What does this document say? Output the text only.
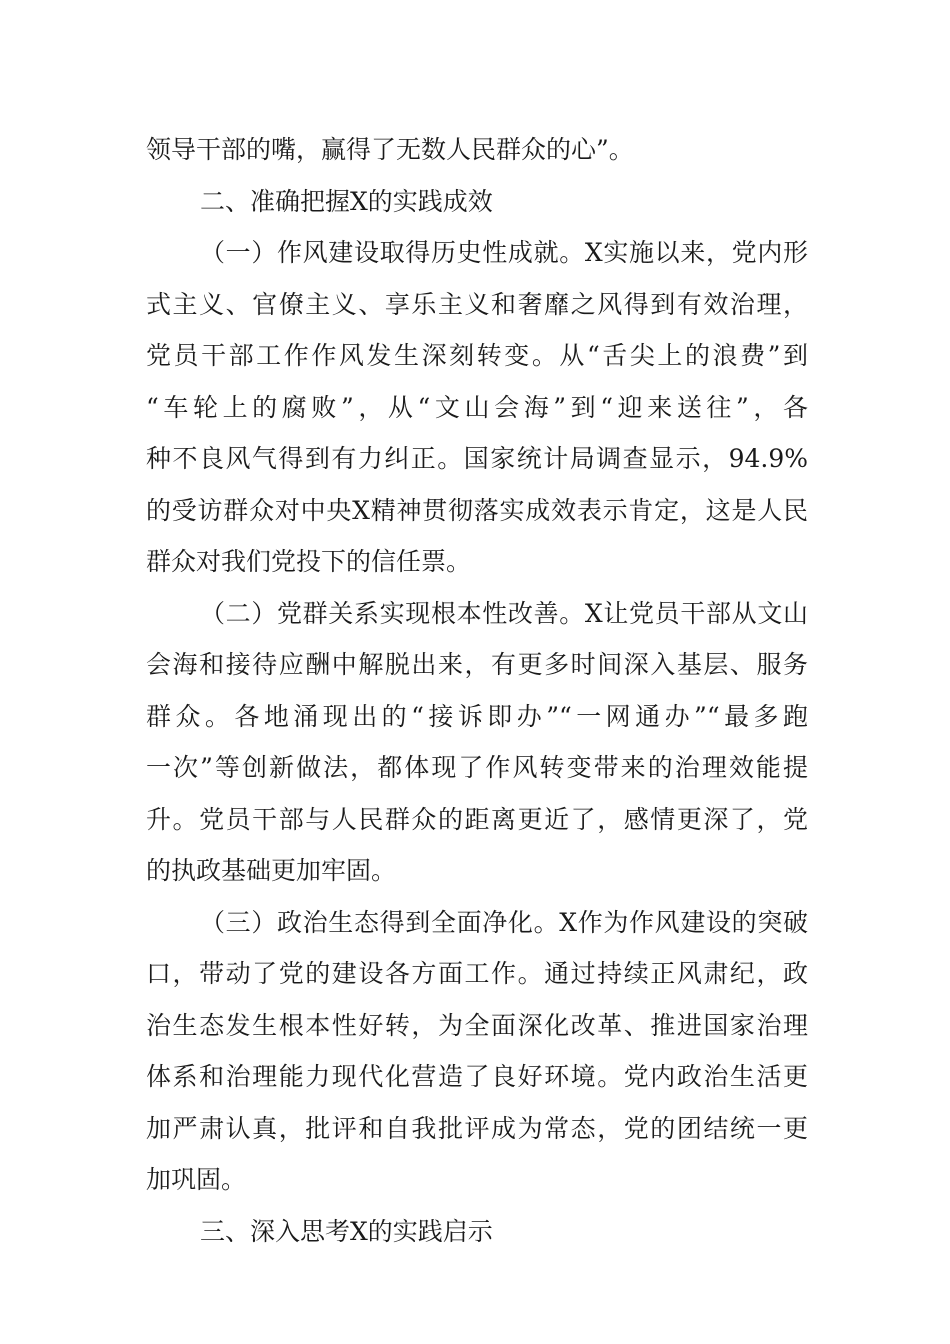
领导干部的嘴，赢得了无数人民群众的心”。
二、准确把握X的实践成效
（一）作风建设取得历史性成就。X实施以来，党内形
式主义、官僚主义、享乐主义和奢靡之风得到有效治理，
党员干部工作作风发生深刻转变。从“舌尖上的浪费”到
“车轮上的腐败”，从“文山会海”到“迎来送往”，各
种不良风气得到有力纠正。国家统计局调查显示，94.9%
的受访群众对中央X精神贯彻落实成效表示肯定，这是人民
群众对我们党投下的信任票。
（二）党群关系实现根本性改善。X让党员干部从文山
会海和接待应酬中解脱出来，有更多时间深入基层、服务
群众。各地涌现出的“接诉即办”“一网通办”“最多跑
一次”等创新做法，都体现了作风转变带来的治理效能提
升。党员干部与人民群众的距离更近了，感情更深了，党
的执政基础更加牢固。
（三）政治生态得到全面净化。X作为作风建设的突破
口，带动了党的建设各方面工作。通过持续正风肃纪，政
治生态发生根本性好转，为全面深化改革、推进国家治理
体系和治理能力现代化营造了良好环境。党内政治生活更
加严肃认真，批评和自我批评成为常态，党的团结统一更
加巩固。
三、深入思考X的实践启示
